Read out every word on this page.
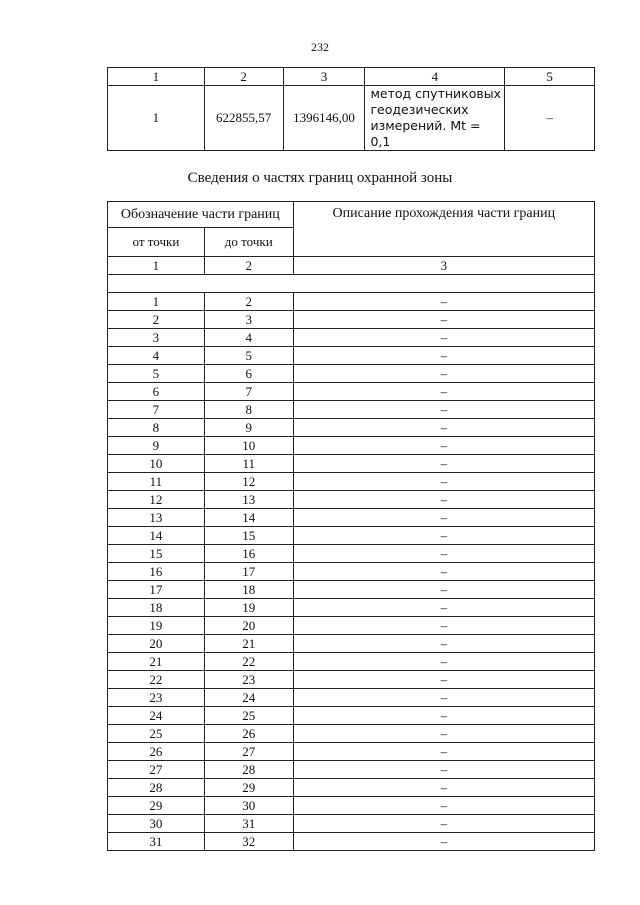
232
1	2	3	4	5
1	622855,57	1396146,00	метод спутниковых геодезических измерений. Mt = 0,1	–
Сведения о частях границ охранной зоны
Обозначение части границ		Описание прохождения части границ
от точки	до точки	
1	2	3

1	2	–
2	3	–
3	4	–
4	5	–
5	6	–
6	7	–
7	8	–
8	9	–
9	10	–
10	11	–
11	12	–
12	13	–
13	14	–
14	15	–
15	16	–
16	17	–
17	18	–
18	19	–
19	20	–
20	21	–
21	22	–
22	23	–
23	24	–
24	25	–
25	26	–
26	27	–
27	28	–
28	29	–
29	30	–
30	31	–
31	32	–
